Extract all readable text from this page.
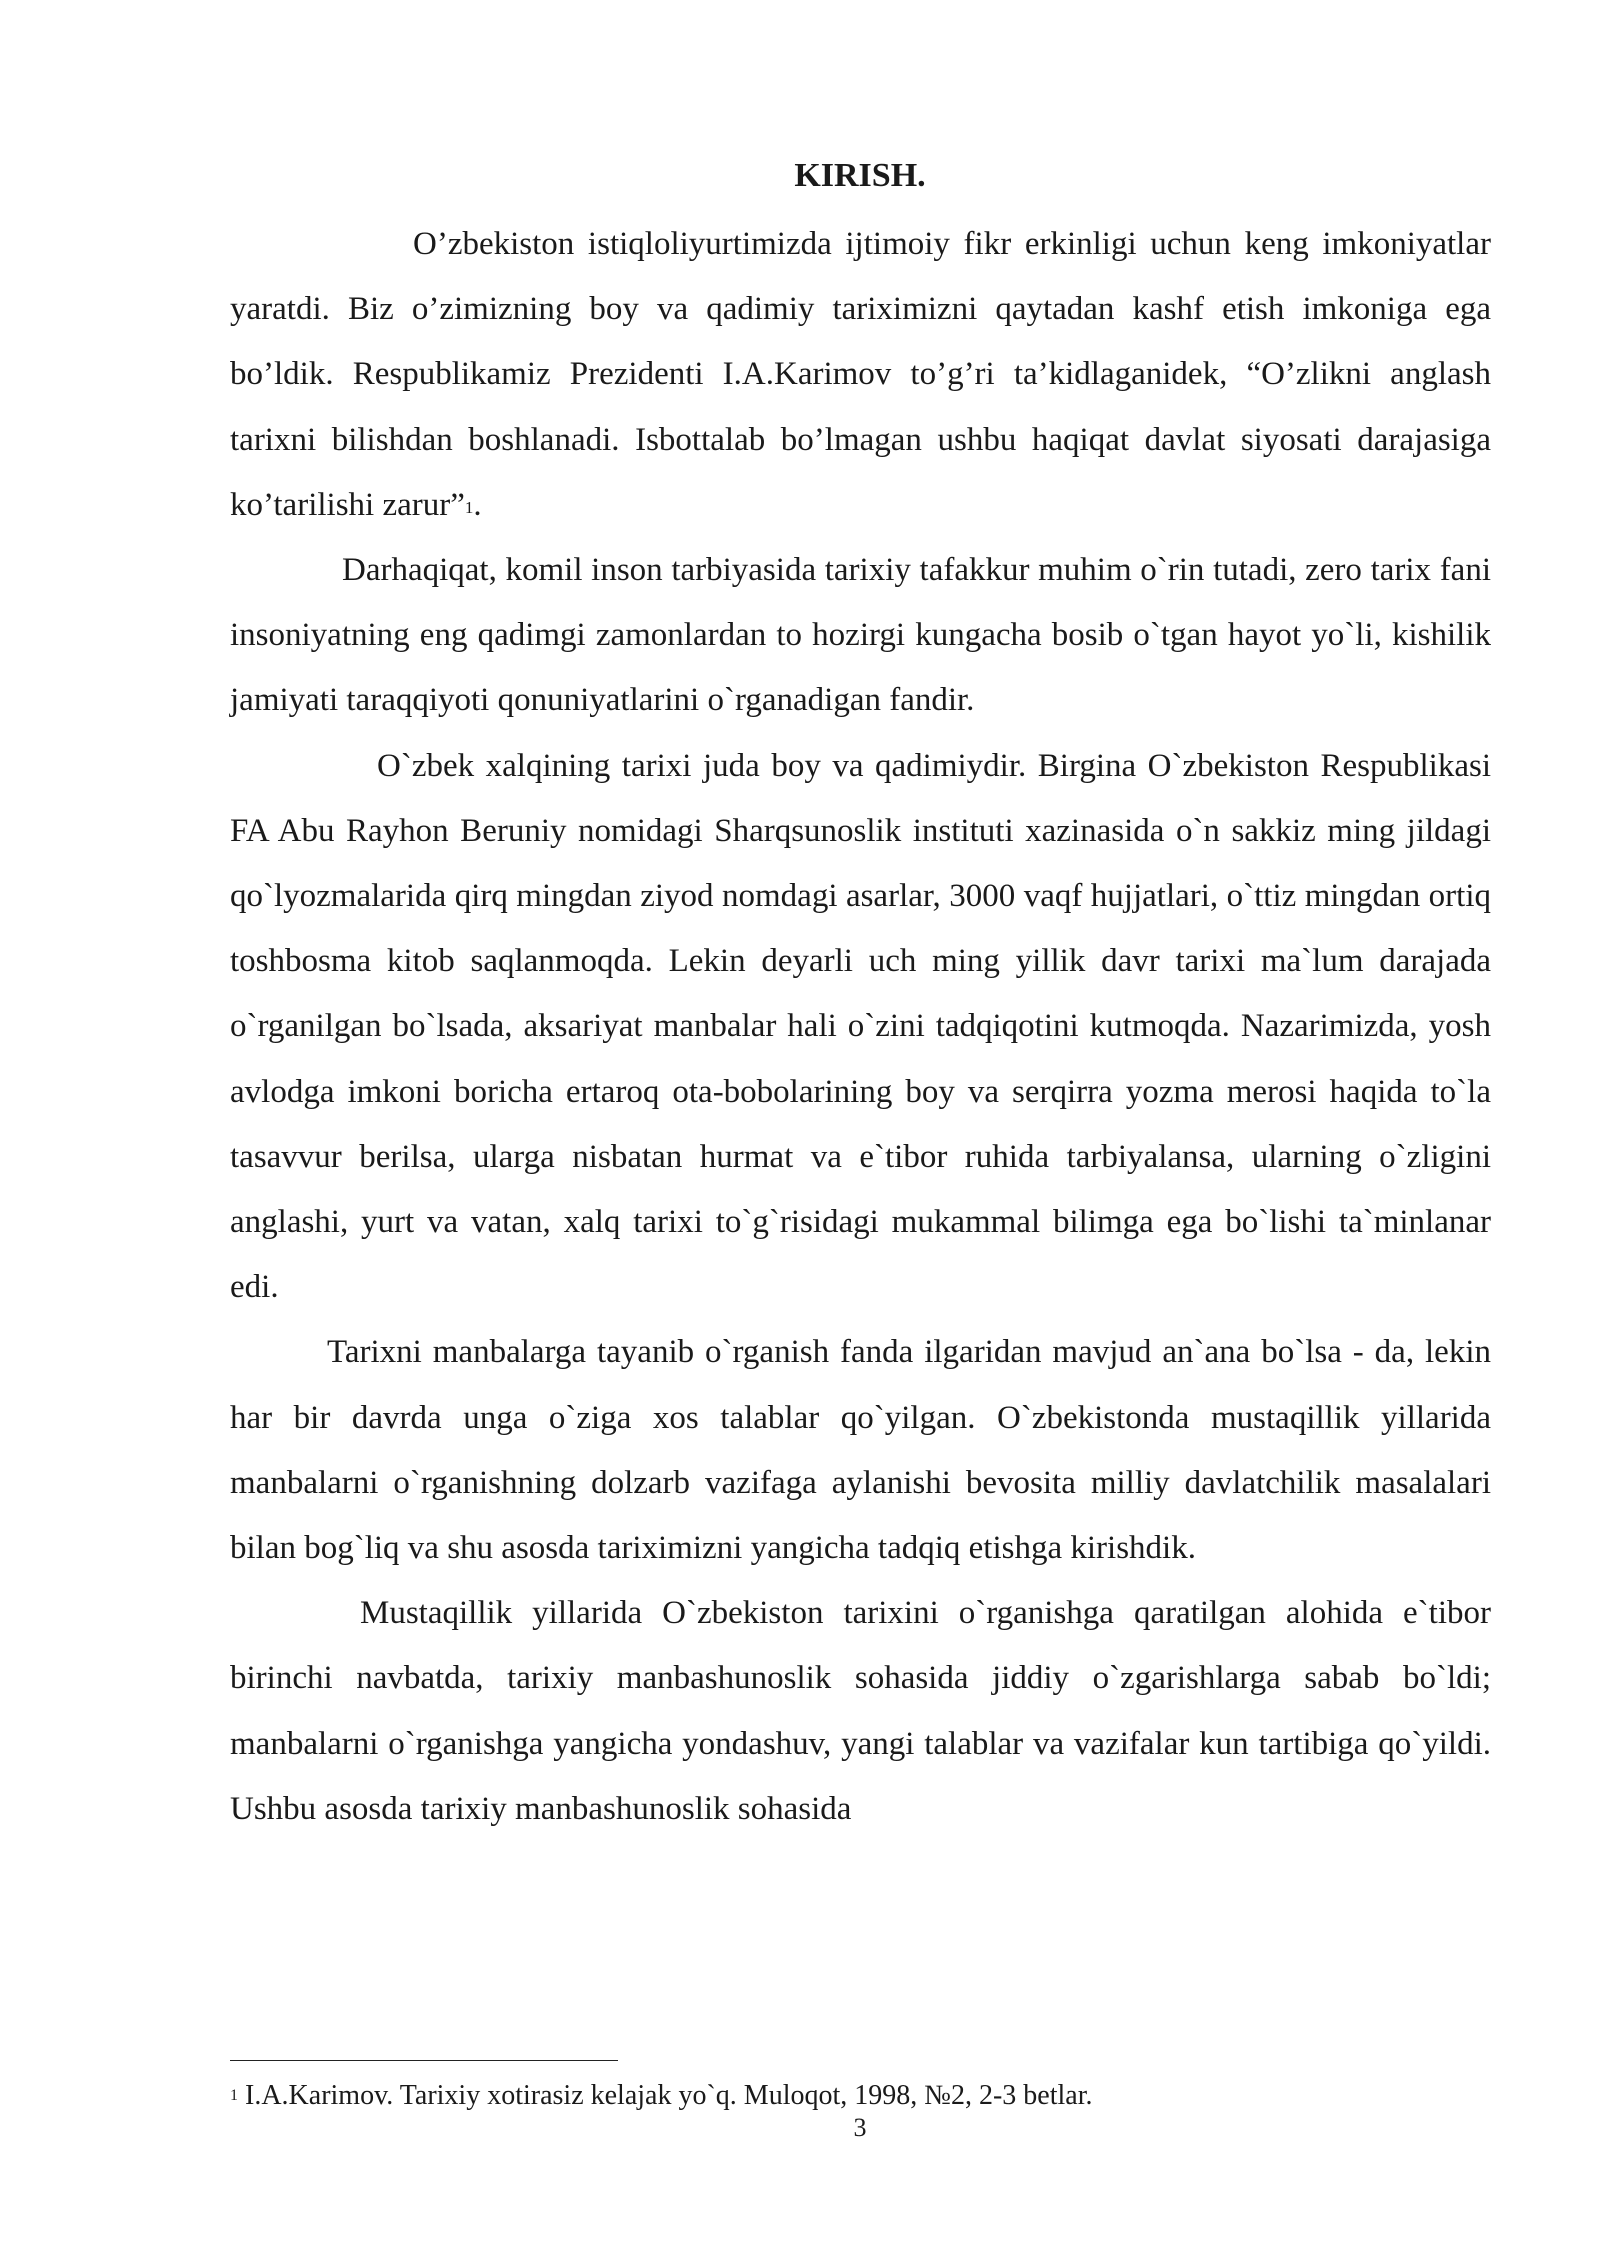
KIRISH.

O’zbekiston istiqloliyurtimizda ijtimoiy fikr erkinligi uchun keng imkoniyatlar yaratdi. Biz o’zimizning boy va qadimiy tariximizni qaytadan kashf etish imkoniga ega bo’ldik. Respublikamiz Prezidenti I.A.Karimov to’g’ri ta’kidlaganidek, “O’zlikni anglash tarixni bilishdan boshlanadi. Isbottalab bo’lmagan ushbu haqiqat davlat siyosati darajasiga ko’tarilishi zarur”$^1$.

Darhaqiqat, komil inson tarbiyasida tarixiy tafakkur muhim o`rin tutadi, zero tarix fani insoniyatning eng qadimgi zamonlardan to hozirgi kungacha bosib o`tgan hayot yo`li, kishilik jamiyati taraqqiyoti qonuniyatlarini o`rganadigan fandir.

O`zbek xalqining tarixi juda boy va qadimiydir. Birgina O`zbekiston Respublikasi FA Abu Rayhon Beruniy nomidagi Sharqsunoslik instituti xazinasida o`n sakkiz ming jildagi qo`lyozmalarida qirq mingdan ziyod nomdagi asarlar, 3000 vaqf hujjatlari, o`ttiz mingdan ortiq toshbosma kitob saqlanmoqda. Lekin deyarli uch ming yillik davr tarixi ma`lum darajada o`rganilgan bo`lsada, aksariyat manbalar hali o`zini tadqiqotini kutmoqda. Nazarimizda, yosh avlodga imkoni boricha ertaroq ota-bobolarining boy va serqirra yozma merosi haqida to`la tasavvur berilsa, ularga nisbatan hurmat va e`tibor ruhida tarbiyalansa, ularning o`zligini anglashi, yurt va vatan, xalq tarixi to`g`risidagi mukammal bilimga ega bo`lishi ta`minlanar edi.

Tarixni manbalarga tayanib o`rganish fanda ilgaridan mavjud an`ana bo`lsa - da, lekin har bir davrda unga o`ziga xos talablar qo`yilgan. O`zbekistonda mustaqillik yillarida manbalarni o`rganishning dolzarb vazifaga aylanishi bevosita milliy davlatchilik masalalari bilan bog`liq va shu asosda tariximizni yangicha tadqiq etishga kirishdik.

Mustaqillik yillarida O`zbekiston tarixini o`rganishga qaratilgan alohida e`tibor birinchi navbatda, tarixiy manbashunoslik sohasida jiddiy o`zgarishlarga sabab bo`ldi; manbalarni o`rganishga yangicha yondashuv, yangi talablar va vazifalar kun tartibiga qo`yildi. Ushbu asosda tarixiy manbashunoslik sohasida

$^1$ I.A.Karimov. Tarixiy xotirasiz kelajak yo`q. Muloqot, 1998, №2, 2-3 betlar.

3
